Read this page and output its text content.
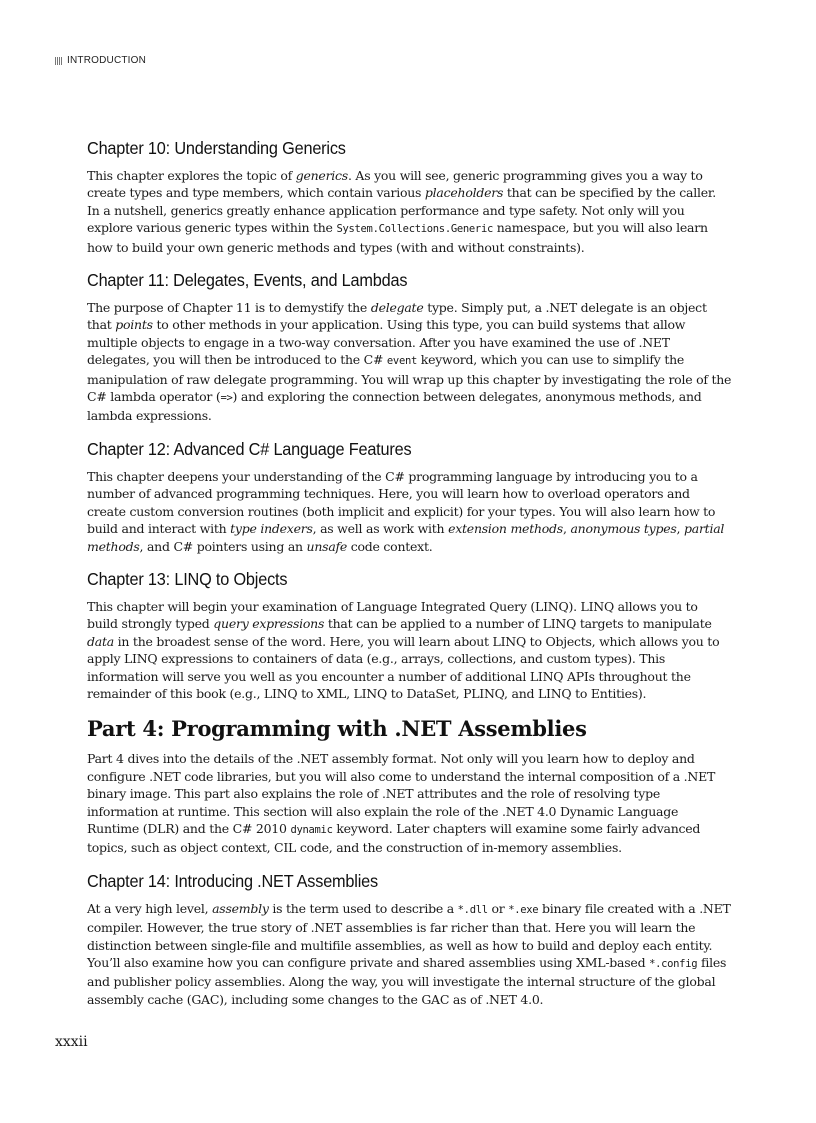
INTRODUCTION
Chapter 10: Understanding Generics

This chapter explores the topic of generics. As you will see, generic programming gives you a way to create types and type members, which contain various placeholders that can be specified by the caller. In a nutshell, generics greatly enhance application performance and type safety. Not only will you explore various generic types within the System.Collections.Generic namespace, but you will also learn how to build your own generic methods and types (with and without constraints).

Chapter 11: Delegates, Events, and Lambdas

The purpose of Chapter 11 is to demystify the delegate type. Simply put, a .NET delegate is an object that points to other methods in your application. Using this type, you can build systems that allow multiple objects to engage in a two-way conversation. After you have examined the use of .NET delegates, you will then be introduced to the C# event keyword, which you can use to simplify the manipulation of raw delegate programming. You will wrap up this chapter by investigating the role of the C# lambda operator (=>) and exploring the connection between delegates, anonymous methods, and lambda expressions.

Chapter 12: Advanced C# Language Features

This chapter deepens your understanding of the C# programming language by introducing you to a number of advanced programming techniques. Here, you will learn how to overload operators and create custom conversion routines (both implicit and explicit) for your types. You will also learn how to build and interact with type indexers, as well as work with extension methods, anonymous types, partial methods, and C# pointers using an unsafe code context.

Chapter 13: LINQ to Objects

This chapter will begin your examination of Language Integrated Query (LINQ). LINQ allows you to build strongly typed query expressions that can be applied to a number of LINQ targets to manipulate data in the broadest sense of the word. Here, you will learn about LINQ to Objects, which allows you to apply LINQ expressions to containers of data (e.g., arrays, collections, and custom types). This information will serve you well as you encounter a number of additional LINQ APIs throughout the remainder of this book (e.g., LINQ to XML, LINQ to DataSet, PLINQ, and LINQ to Entities).

Part 4: Programming with .NET Assemblies

Part 4 dives into the details of the .NET assembly format. Not only will you learn how to deploy and configure .NET code libraries, but you will also come to understand the internal composition of a .NET binary image. This part also explains the role of .NET attributes and the role of resolving type information at runtime. This section will also explain the role of the .NET 4.0 Dynamic Language Runtime (DLR) and the C# 2010 dynamic keyword. Later chapters will examine some fairly advanced topics, such as object context, CIL code, and the construction of in-memory assemblies.

Chapter 14: Introducing .NET Assemblies

At a very high level, assembly is the term used to describe a *.dll or *.exe binary file created with a .NET compiler. However, the true story of .NET assemblies is far richer than that. Here you will learn the distinction between single-file and multifile assemblies, as well as how to build and deploy each entity. You’ll also examine how you can configure private and shared assemblies using XML-based *.config files and publisher policy assemblies. Along the way, you will investigate the internal structure of the global assembly cache (GAC), including some changes to the GAC as of .NET 4.0.

xxxii
